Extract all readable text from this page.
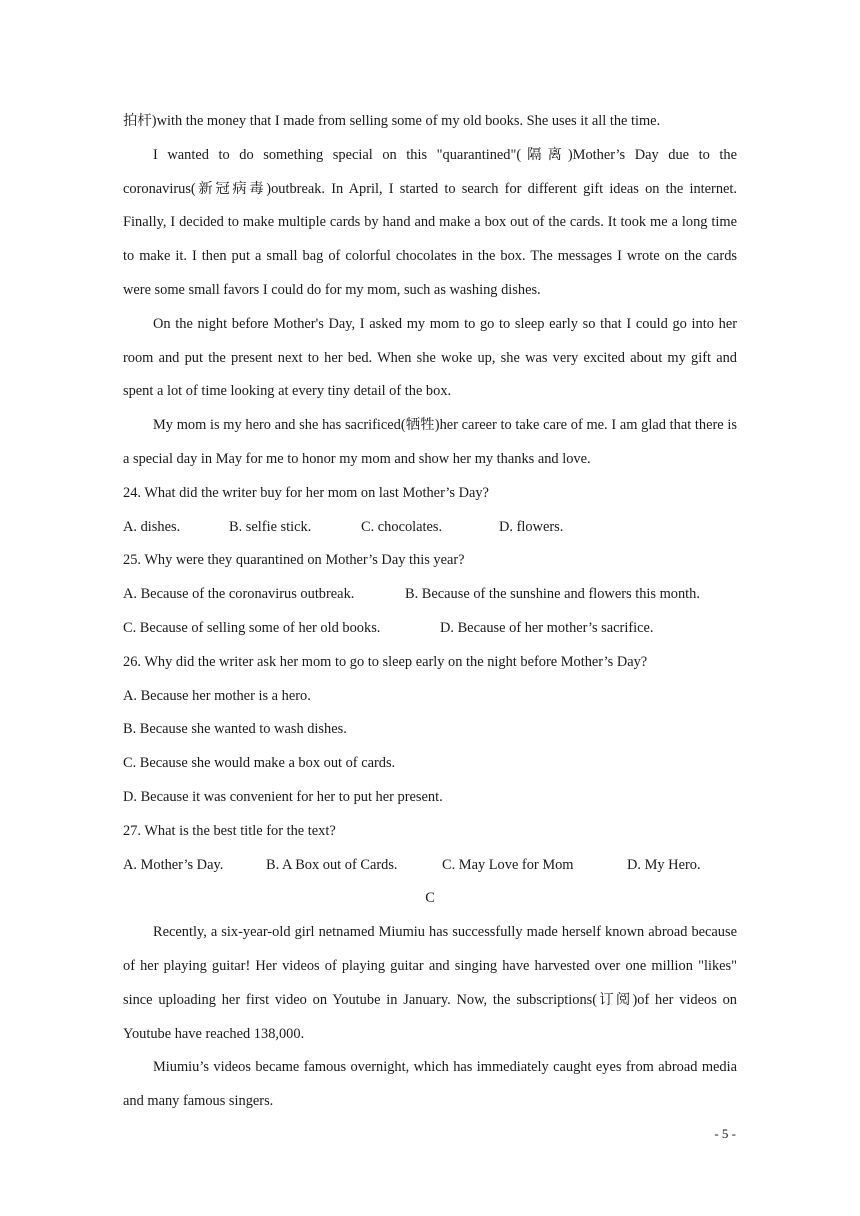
拍杆)with the money that I made from selling some of my old books. She uses it all the time.

I wanted to do something special on this "quarantined"(隔离)Mother’s Day due to the coronavirus(新冠病毒)outbreak. In April, I started to search for different gift ideas on the internet. Finally, I decided to make multiple cards by hand and make a box out of the cards. It took me a long time to make it. I then put a small bag of colorful chocolates in the box. The messages I wrote on the cards were some small favors I could do for my mom, such as washing dishes.

On the night before Mother's Day, I asked my mom to go to sleep early so that I could go into her room and put the present next to her bed. When she woke up, she was very excited about my gift and spent a lot of time looking at every tiny detail of the box.

My mom is my hero and she has sacrificed(牺牲)her career to take care of me. I am glad that there is a special day in May for me to honor my mom and show her my thanks and love.

24. What did the writer buy for her mom on last Mother’s Day?

A. dishes.	B. selfie stick.	C. chocolates.	D. flowers.

25. Why were they quarantined on Mother’s Day this year?

A. Because of the coronavirus outbreak.	B. Because of the sunshine and flowers this month.

C. Because of selling some of her old books.	D. Because of her mother’s sacrifice.

26. Why did the writer ask her mom to go to sleep early on the night before Mother’s Day?

A. Because her mother is a hero.

B. Because she wanted to wash dishes.

C. Because she would make a box out of cards.

D. Because it was convenient for her to put her present.

27. What is the best title for the text?

A. Mother’s Day.	B. A Box out of Cards.	C. May Love for Mom	D. My Hero.

C

Recently, a six-year-old girl netnamed Miumiu has successfully made herself known abroad because of her playing guitar! Her videos of playing guitar and singing have harvested over one million "likes" since uploading her first video on Youtube in January. Now, the subscriptions(订阅)of her videos on Youtube have reached 138,000.

Miumiu’s videos became famous overnight, which has immediately caught eyes from abroad media and many famous singers.

- 5 -
